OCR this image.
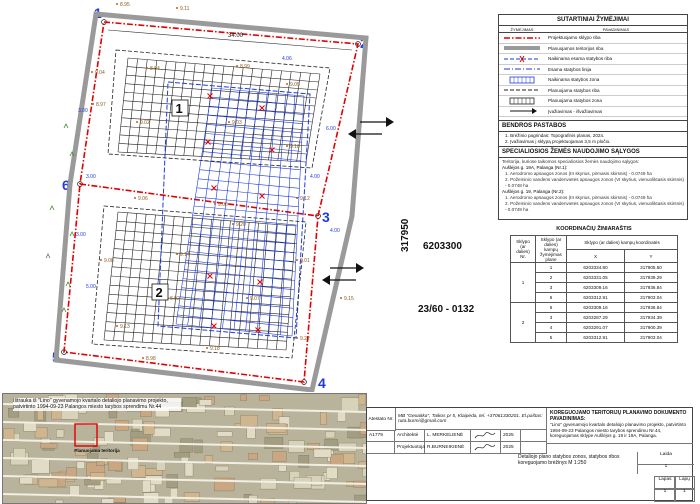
1
2
3
4
5
6
34.00
3.00	4.00
6.00
5.00
4.06
3.00
4.00
3.00
9.11
8.95
9.04
8.97
8.94	8.99
9.05
9.03
9.02
9.10
9.12
9.00
9.06
9.20
9.14
9.08	9.01
8.92	9.07
9.13
9.22
9.18
8.98
9.15
1
2
317950 6203300
23/60 - 0132
SUTARTINIAI ŽYMĖJIMAI
ŽYMĖJIMAS	PAVADINIMAS
Projektuojamo sklypo riba
Planuojamos teritorijos riba
Naikinama esama statybos riba
Esama statybos linija
Naikinama statybos zona
Planuojama statybos riba
Planuojama statybos zona
Įvažiavimas - išvažiavimas
BENDROS PASTABOS
1. Brėžinio pagrindas: Topografinis planas, 2024.
2. Įvažiavimas į sklypą projektuojamas 3,5 m pločio.
SPECIALIOSIOS ŽEMĖS NAUDOJIMO SĄLYGOS
Teritorija, kuriose taikomos specialiosios žemės naudojimo sąlygos:
Aušlėjos g. 19A, Palanga (Nr.1):
1. Aerodromo apsaugos zonos (III skyrius, pirmasis skirsnis) - 0.0749 ha
2. Požeminio vandens vandenvietės apsaugos zonos (VI skyrius, vienuoliktasis skirsnis) - 0.0748 ha
Aušlėjos g. 19, Palanga (Nr.2):
1. Aerodromo apsaugos zonos (III skyrius, pirmasis skirsnis) - 0.0749 ha
2. Požeminio vandens vandenvietės apsaugos zonos (VI skyrius, vienuoliktasis skirsnis) - 0.0749 ha
KOORDINAČIŲ ŽINIARAŠTIS
Sklypo (ar dalies) Nr.	Sklypo (ar dalies) kampų žymėjimas plane	Sklypo (ar dalies) kampų koordinatės	
		X	Y
1	1	6203334.80	317905.50
	2	6203331.05	317939.29
	3	6203309.16	317936.84
	6	6203312.91	317903.04
2	6	6203309.16	317936.84
	3	6203287.29	317934.39
	4	6203291.07	317900.39
	5	6203312.91	317903.04
Ištrauka iš "Lino" gyvenamojo kvartalo detaliojo planavimo projekto, patvirtinto 1994-09-23 Palangos miesto tarybos sprendimu Nr.44
Planuojama teritorija
Atestato Nr.
MB "Geoaitka", Taikos pr 5, Klaipėda, tel. +37061330201. El.paštas: ruta.burmi@gmail.com
A1779	Architektė	L. MERKELIENĖ	2025
Projektuotoja R.BURNEIKIENĖ	2025
KOREGUOJAMO TERITORIJŲ PLANAVIMO DOKUMENTO PAVADINIMAS:
"Lino" gyvenamojo kvartalo detaliojo planavimo projekto, patvirtinto 1994-09-23 Palangos miesto tarybos sprendimu Nr.44, koreguojamas sklype Aušlėjos g. 19 ir 19A, Palanga.
Detaliojo plano statybos zonos, statybos ribos koreguojamo brėžinys M 1:250
Laida
1
Lapas	Lapų
1	1
